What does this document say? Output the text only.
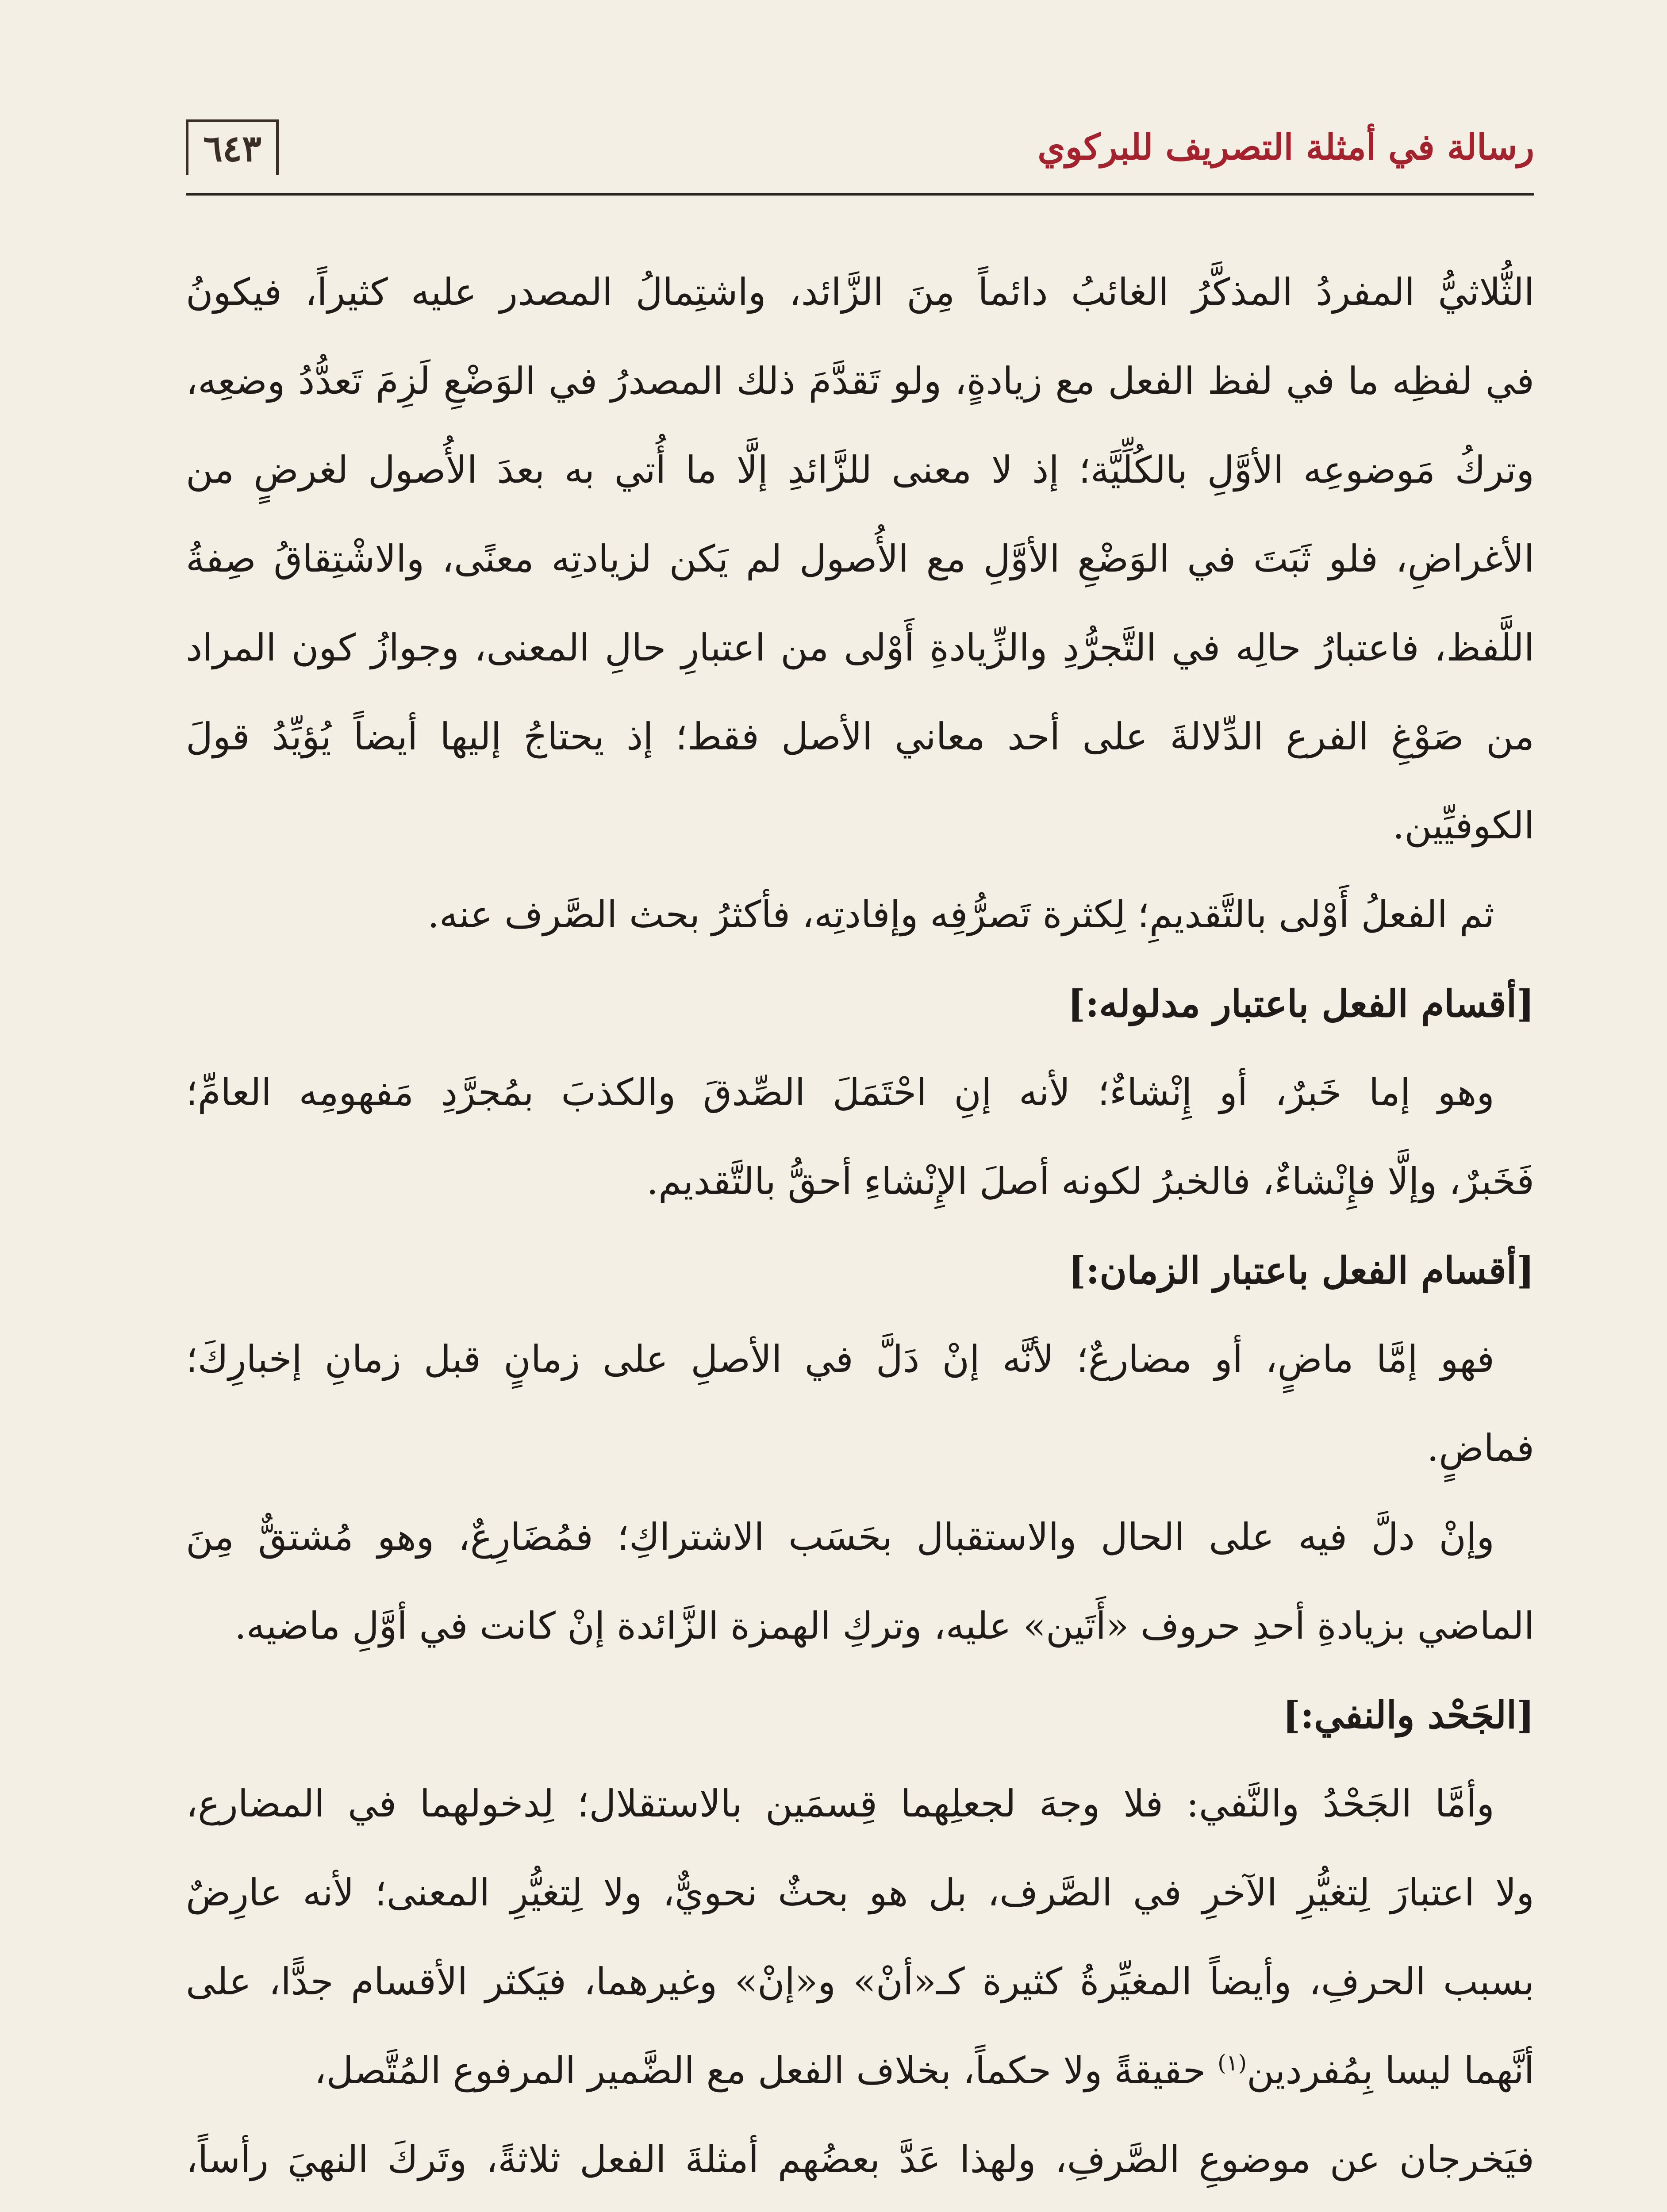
رسالة في أمثلة التصريف للبركوي
٦٤٣
الثُّلاثيُّ المفردُ المذكَّرُ الغائبُ دائماً مِنَ الزَّائد، واشتِمالُ المصدر عليه كثيراً، فيكونُ
في لفظِه ما في لفظ الفعل مع زيادةٍ، ولو تَقدَّمَ ذلك المصدرُ في الوَضْعِ لَزِمَ تَعدُّدُ وضعِه،
وتركُ مَوضوعِه الأوَّلِ بالكُلِّيَّة؛ إذ لا معنى للزَّائدِ إلَّا ما أُتي به بعدَ الأُصول لغرضٍ من
الأغراضِ، فلو ثَبَتَ في الوَضْعِ الأوَّلِ مع الأُصول لم يَكن لزيادتِه معنًى، والاشْتِقاقُ صِفةُ
اللَّفظ، فاعتبارُ حالِه في التَّجرُّدِ والزِّيادةِ أَوْلى من اعتبارِ حالِ المعنى، وجوازُ كون المراد
من صَوْغِ الفرع الدِّلالةَ على أحد معاني الأصل فقط؛ إذ يحتاجُ إليها أيضاً يُؤيِّدُ قولَ
الكوفيِّين.
ثم الفعلُ أَوْلى بالتَّقديمِ؛ لِكثرة تَصرُّفِه وإفادتِه، فأكثرُ بحث الصَّرف عنه.
[أقسام الفعل باعتبار مدلوله:]
وهو إما خَبرٌ، أو إِنْشاءٌ؛ لأنه إنِ احْتَمَلَ الصِّدقَ والكذبَ بمُجرَّدِ مَفهومِه العامِّ؛
فَخَبرٌ، وإلَّا فإِنْشاءٌ، فالخبرُ لكونه أصلَ الإِنْشاءِ أحقُّ بالتَّقديم.
[أقسام الفعل باعتبار الزمان:]
فهو إمَّا ماضٍ، أو مضارعٌ؛ لأنَّه إنْ دَلَّ في الأصلِ على زمانٍ قبل زمانِ إخبارِكَ؛
فماضٍ.
وإنْ دلَّ فيه على الحال والاستقبال بحَسَب الاشتراكِ؛ فمُضَارِعٌ، وهو مُشتقٌّ مِنَ
الماضي بزيادةِ أحدِ حروف «أَتَين» عليه، وتركِ الهمزة الزَّائدة إنْ كانت في أوَّلِ ماضيه.
[الجَحْد والنفي:]
وأمَّا الجَحْدُ والنَّفي: فلا وجهَ لجعلِهما قِسمَين بالاستقلال؛ لِدخولهما في المضارع،
ولا اعتبارَ لِتغيُّرِ الآخرِ في الصَّرف، بل هو بحثٌ نحويٌّ، ولا لِتغيُّرِ المعنى؛ لأنه عارِضٌ
بسبب الحرفِ، وأيضاً المغيِّرةُ كثيرة كـ«أنْ» و«إنْ» وغيرهما، فيَكثر الأقسام جدًّا، على
أنَّهما ليسا بِمُفردين$^{(١)}$ حقيقةً ولا حكماً، بخلاف الفعل مع الضَّمير المرفوع المُتَّصل،
فيَخرجان عن موضوعِ الصَّرفِ، ولهذا عَدَّ بعضُهم أمثلةَ الفعل ثلاثةً، وتَركَ النهيَ رأساً،
